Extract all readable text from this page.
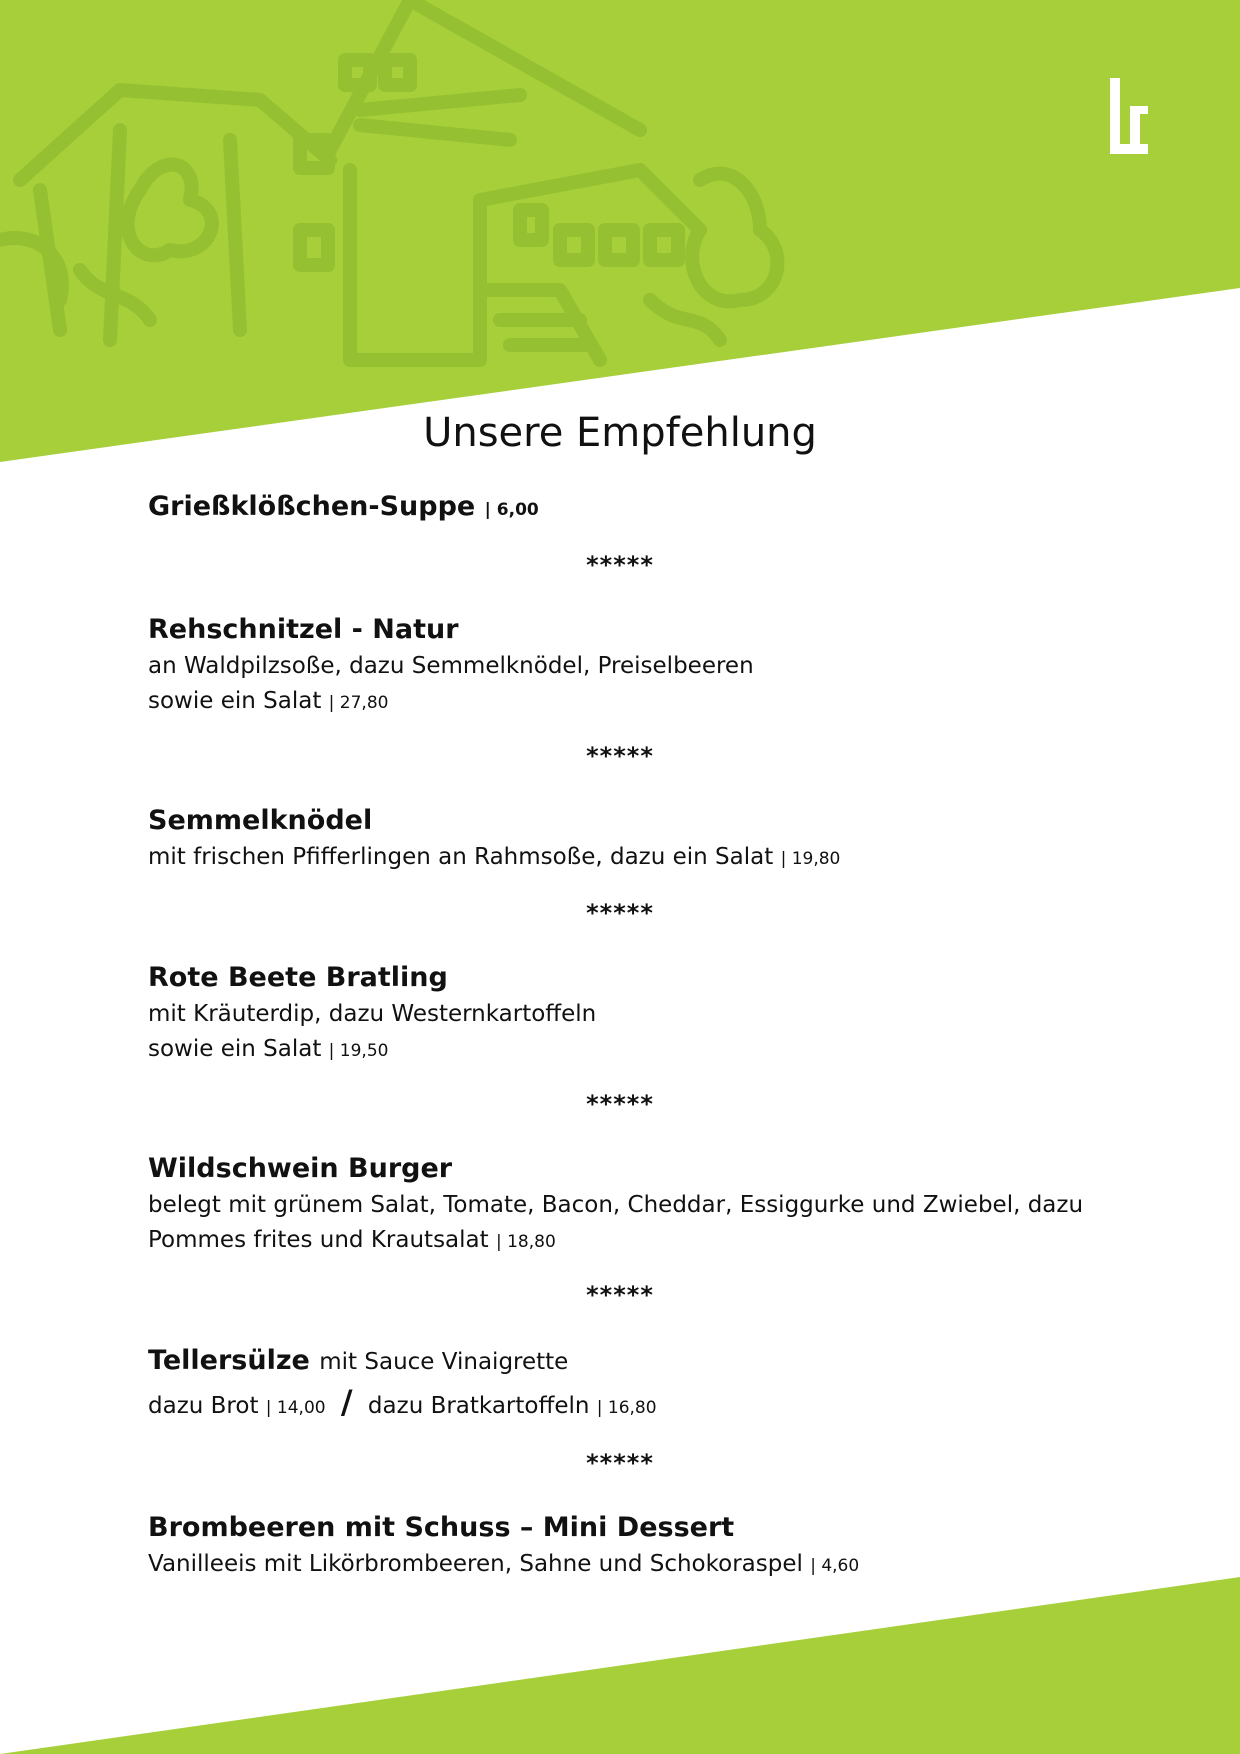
Unsere Empfehlung
Grießklößchen-Suppe | 6,00
*****
Rehschnitzel - Natur
an Waldpilzsoße, dazu Semmelknödel, Preiselbeeren
sowie ein Salat | 27,80
*****
Semmelknödel
mit frischen Pfifferlingen an Rahmsoße, dazu ein Salat | 19,80
*****
Rote Beete Bratling
mit Kräuterdip, dazu Westernkartoffeln
sowie ein Salat | 19,50
*****
Wildschwein Burger
belegt mit grünem Salat, Tomate, Bacon, Cheddar, Essiggurke und Zwiebel, dazu
Pommes frites und Krautsalat | 18,80
*****
Tellersülze mit Sauce Vinaigrette
dazu Brot | 14,00 / dazu Bratkartoffeln | 16,80
*****
Brombeeren mit Schuss – Mini Dessert
Vanilleeis mit Likörbrombeeren, Sahne und Schokoraspel | 4,60
